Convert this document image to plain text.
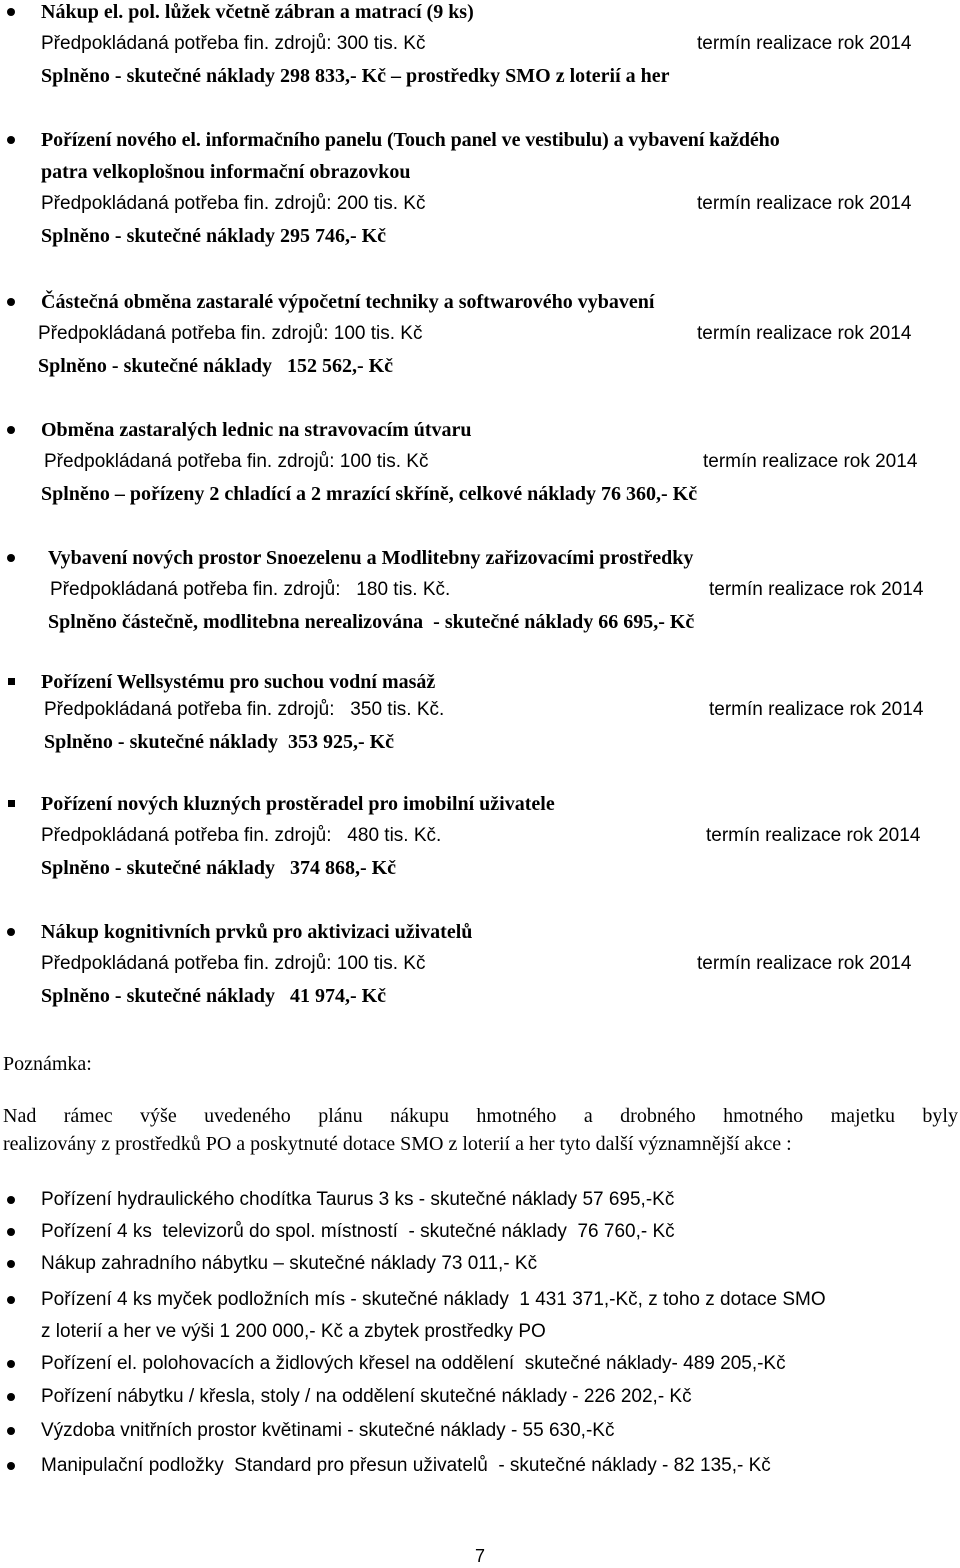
Nákup el. pol. lůžek včetně zábran a matrací (9 ks)
Předpokládaná potřeba fin. zdrojů: 300 tis. Kč	termín realizace rok 2014
Splněno - skutečné náklady 298 833,- Kč – prostředky SMO z loterií a her
Pořízení nového el. informačního panelu (Touch panel ve vestibulu) a vybavení každého
patra velkoplošnou informační obrazovkou
Předpokládaná potřeba fin. zdrojů: 200 tis. Kč	termín realizace rok 2014
Splněno - skutečné náklady 295 746,- Kč
Částečná obměna zastaralé výpočetní techniky a softwarového vybavení
Předpokládaná potřeba fin. zdrojů: 100 tis. Kč	termín realizace rok 2014
Splněno - skutečné náklady   152 562,- Kč
Obměna zastaralých lednic na stravovacím útvaru
Předpokládaná potřeba fin. zdrojů: 100 tis. Kč	termín realizace rok 2014
Splněno – pořízeny 2 chladící a 2 mrazící skříně, celkové náklady 76 360,- Kč
Vybavení nových prostor Snoezelenu a Modlitebny zařizovacími prostředky
Předpokládaná potřeba fin. zdrojů:   180 tis. Kč.	termín realizace rok 2014
Splněno částečně, modlitebna nerealizována  - skutečné náklady 66 695,- Kč
Pořízení Wellsystému pro suchou vodní masáž
Předpokládaná potřeba fin. zdrojů:   350 tis. Kč.	termín realizace rok 2014
Splněno - skutečné náklady  353 925,- Kč
Pořízení nových kluzných prostěradel pro imobilní uživatele
Předpokládaná potřeba fin. zdrojů:   480 tis. Kč.	termín realizace rok 2014
Splněno - skutečné náklady   374 868,- Kč
Nákup kognitivních prvků pro aktivizaci uživatelů
Předpokládaná potřeba fin. zdrojů: 100 tis. Kč	termín realizace rok 2014
Splněno - skutečné náklady   41 974,- Kč
Poznámka:
Nad rámec výše uvedeného plánu nákupu hmotného a drobného hmotného majetku byly
realizovány z prostředků PO a poskytnuté dotace SMO z loterií a her tyto další významnější akce :
Pořízení hydraulického chodítka Taurus 3 ks - skutečné náklady 57 695,-Kč
Pořízení 4 ks  televizorů do spol. místností  - skutečné náklady  76 760,- Kč
Nákup zahradního nábytku – skutečné náklady 73 011,- Kč
Pořízení 4 ks myček podložních mís - skutečné náklady  1 431 371,-Kč, z toho z dotace SMO
z loterií a her ve výši 1 200 000,- Kč a zbytek prostředky PO
Pořízení el. polohovacích a židlových křesel na oddělení  skutečné náklady- 489 205,-Kč
Pořízení nábytku / křesla, stoly / na oddělení skutečné náklady - 226 202,- Kč
Výzdoba vnitřních prostor květinami - skutečné náklady - 55 630,-Kč
Manipulační podložky  Standard pro přesun uživatelů  - skutečné náklady - 82 135,- Kč
7
